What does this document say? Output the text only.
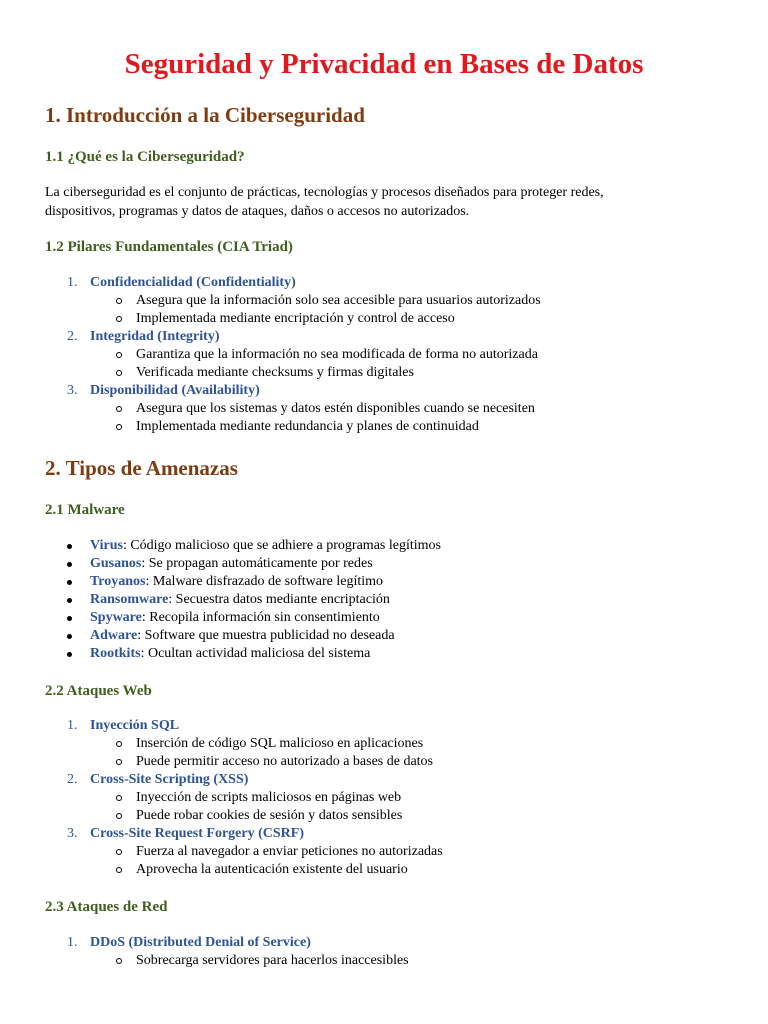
Seguridad y Privacidad en Bases de Datos
1. Introducción a la Ciberseguridad
1.1 ¿Qué es la Ciberseguridad?
La ciberseguridad es el conjunto de prácticas, tecnologías y procesos diseñados para proteger redes,
dispositivos, programas y datos de ataques, daños o accesos no autorizados.
1.2 Pilares Fundamentales (CIA Triad)
1. Confidencialidad (Confidentiality)
Asegura que la información solo sea accesible para usuarios autorizados
Implementada mediante encriptación y control de acceso
2. Integridad (Integrity)
Garantiza que la información no sea modificada de forma no autorizada
Verificada mediante checksums y firmas digitales
3. Disponibilidad (Availability)
Asegura que los sistemas y datos estén disponibles cuando se necesiten
Implementada mediante redundancia y planes de continuidad
2. Tipos de Amenazas
2.1 Malware
Virus: Código malicioso que se adhiere a programas legítimos
Gusanos: Se propagan automáticamente por redes
Troyanos: Malware disfrazado de software legítimo
Ransomware: Secuestra datos mediante encriptación
Spyware: Recopila información sin consentimiento
Adware: Software que muestra publicidad no deseada
Rootkits: Ocultan actividad maliciosa del sistema
2.2 Ataques Web
1. Inyección SQL
Inserción de código SQL malicioso en aplicaciones
Puede permitir acceso no autorizado a bases de datos
2. Cross-Site Scripting (XSS)
Inyección de scripts maliciosos en páginas web
Puede robar cookies de sesión y datos sensibles
3. Cross-Site Request Forgery (CSRF)
Fuerza al navegador a enviar peticiones no autorizadas
Aprovecha la autenticación existente del usuario
2.3 Ataques de Red
1. DDoS (Distributed Denial of Service)
Sobrecarga servidores para hacerlos inaccesibles
